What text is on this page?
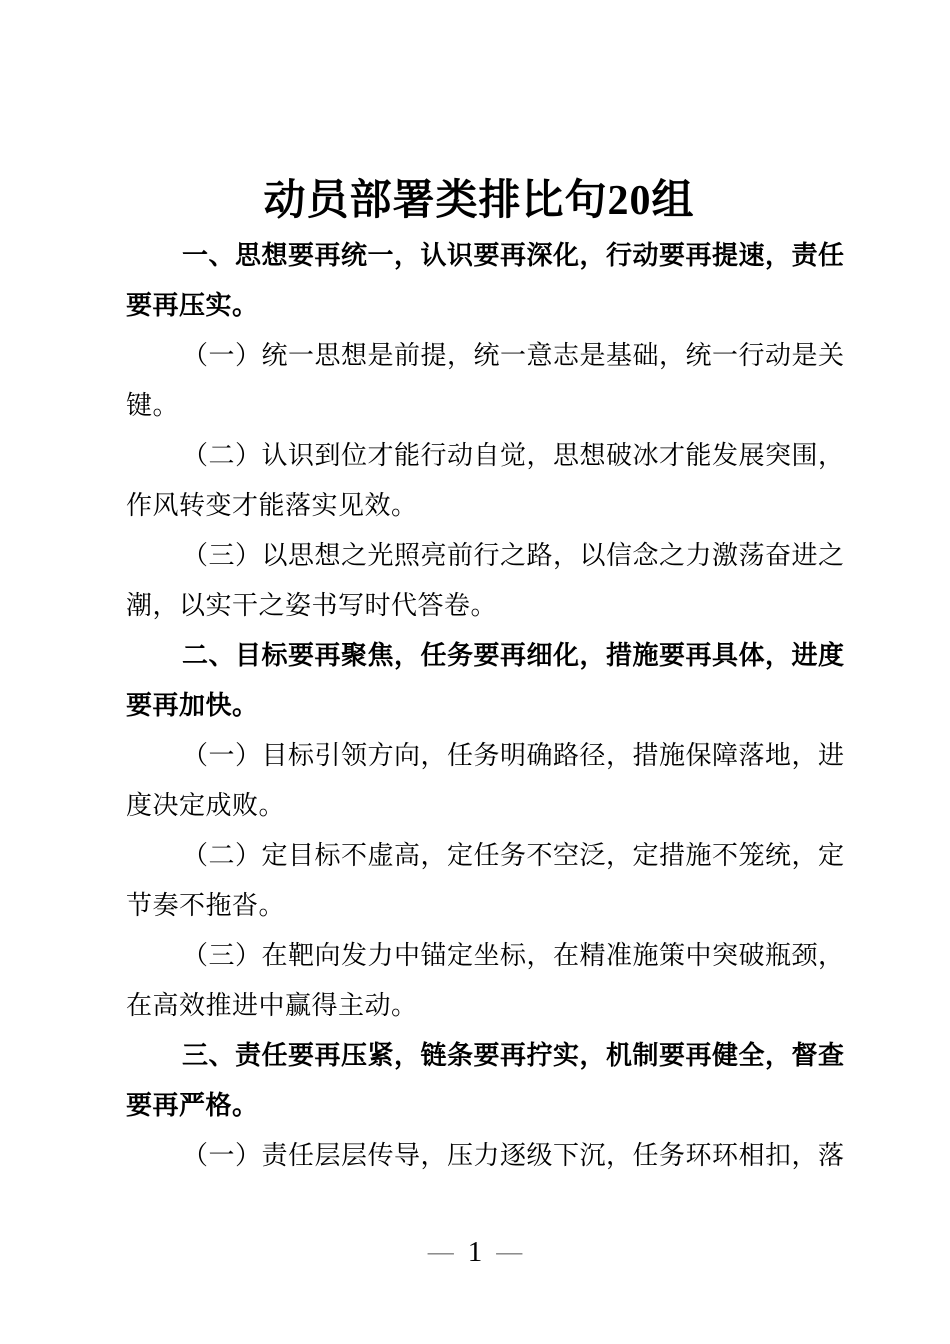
动员部署类排比句20组
一、思想要再统一，认识要再深化，行动要再提速，责任
要再压实。
（一）统一思想是前提，统一意志是基础，统一行动是关
键。
（二）认识到位才能行动自觉，思想破冰才能发展突围，
作风转变才能落实见效。
（三）以思想之光照亮前行之路，以信念之力激荡奋进之
潮，以实干之姿书写时代答卷。
二、目标要再聚焦，任务要再细化，措施要再具体，进度
要再加快。
（一）目标引领方向，任务明确路径，措施保障落地，进
度决定成败。
（二）定目标不虚高，定任务不空泛，定措施不笼统，定
节奏不拖沓。
（三）在靶向发力中锚定坐标，在精准施策中突破瓶颈，
在高效推进中赢得主动。
三、责任要再压紧，链条要再拧实，机制要再健全，督查
要再严格。
（一）责任层层传导，压力逐级下沉，任务环环相扣，落
— 1 —
